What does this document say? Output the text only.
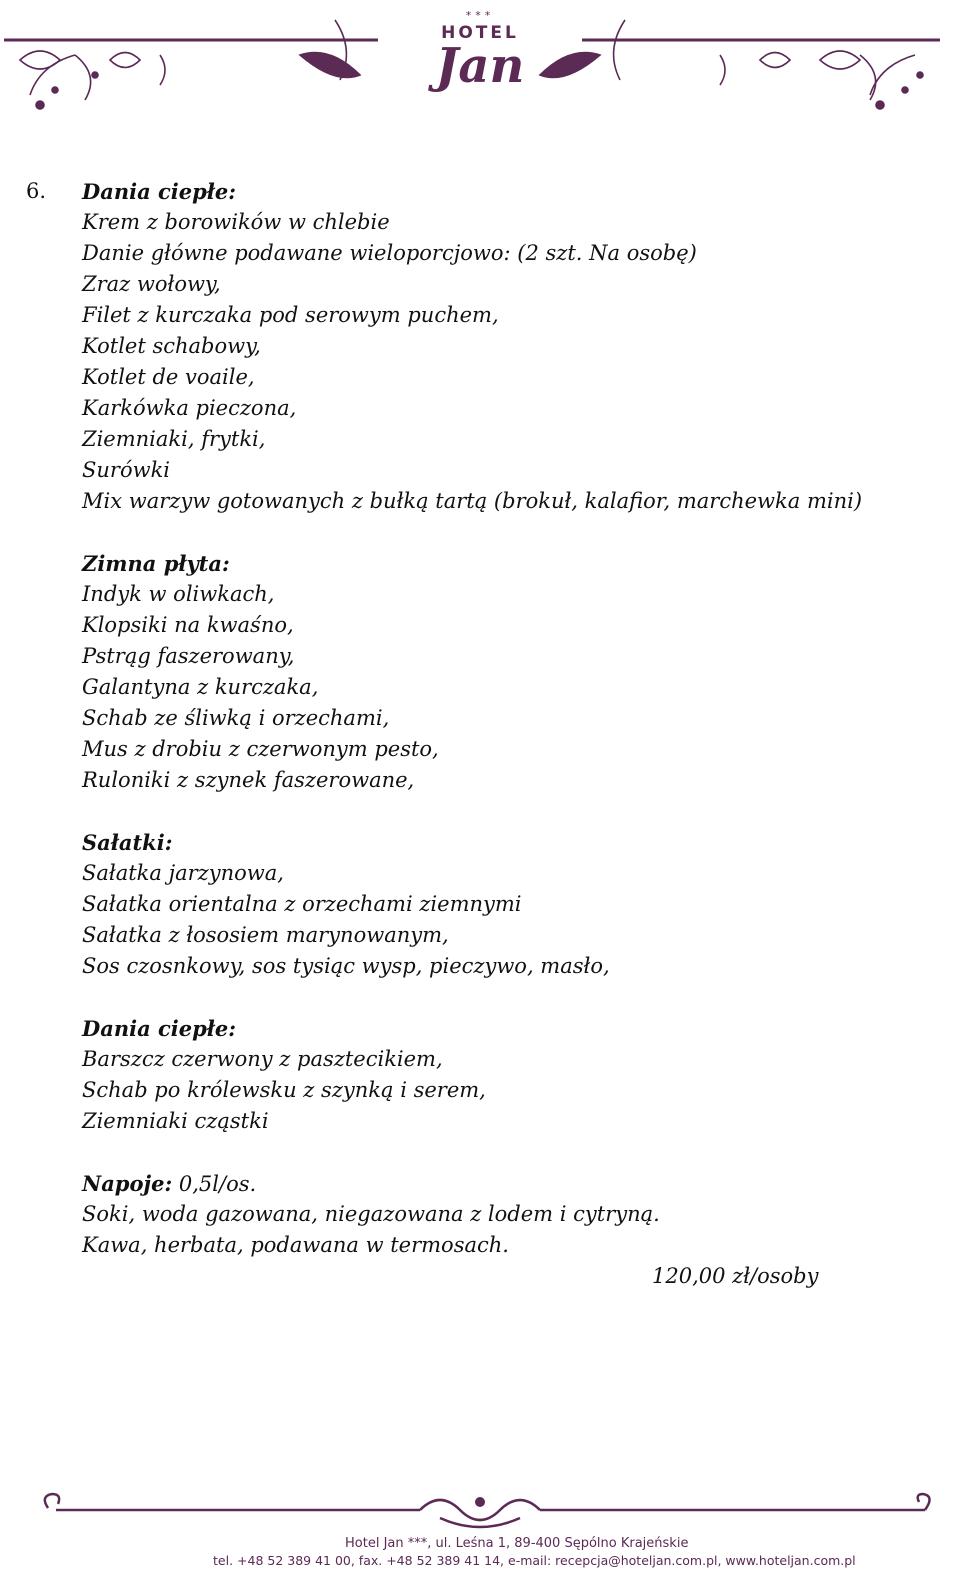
***
HOTEL
Jan
6. Dania ciepłe:
Krem z borowików w chlebie
Danie główne podawane wieloporcjowo: (2 szt. Na osobę)
Zraz wołowy,
Filet z kurczaka pod serowym puchem,
Kotlet schabowy,
Kotlet de voaile,
Karkówka pieczona,
Ziemniaki, frytki,
Surówki
Mix warzyw gotowanych z bułką tartą (brokuł, kalafior, marchewka mini)
Zimna płyta:
Indyk w oliwkach,
Klopsiki na kwaśno,
Pstrąg faszerowany,
Galantyna z kurczaka,
Schab ze śliwką i orzechami,
Mus z drobiu z czerwonym pesto,
Ruloniki z szynek faszerowane,
Sałatki:
Sałatka jarzynowa,
Sałatka orientalna z orzechami ziemnymi
Sałatka z łososiem marynowanym,
Sos czosnkowy, sos tysiąc wysp, pieczywo, masło,
Dania ciepłe:
Barszcz czerwony z pasztecikiem,
Schab po królewsku z szynką i serem,
Ziemniaki cząstki
Napoje: 0,5l/os.
Soki, woda gazowana, niegazowana z lodem i cytryną.
Kawa, herbata, podawana w termosach.
120,00 zł/osoby
Hotel Jan ***, ul. Leśna 1, 89-400 Sępólno Krajeńskie
tel. +48 52 389 41 00, fax. +48 52 389 41 14, e-mail: recepcja@hoteljan.com.pl, www.hoteljan.com.pl
